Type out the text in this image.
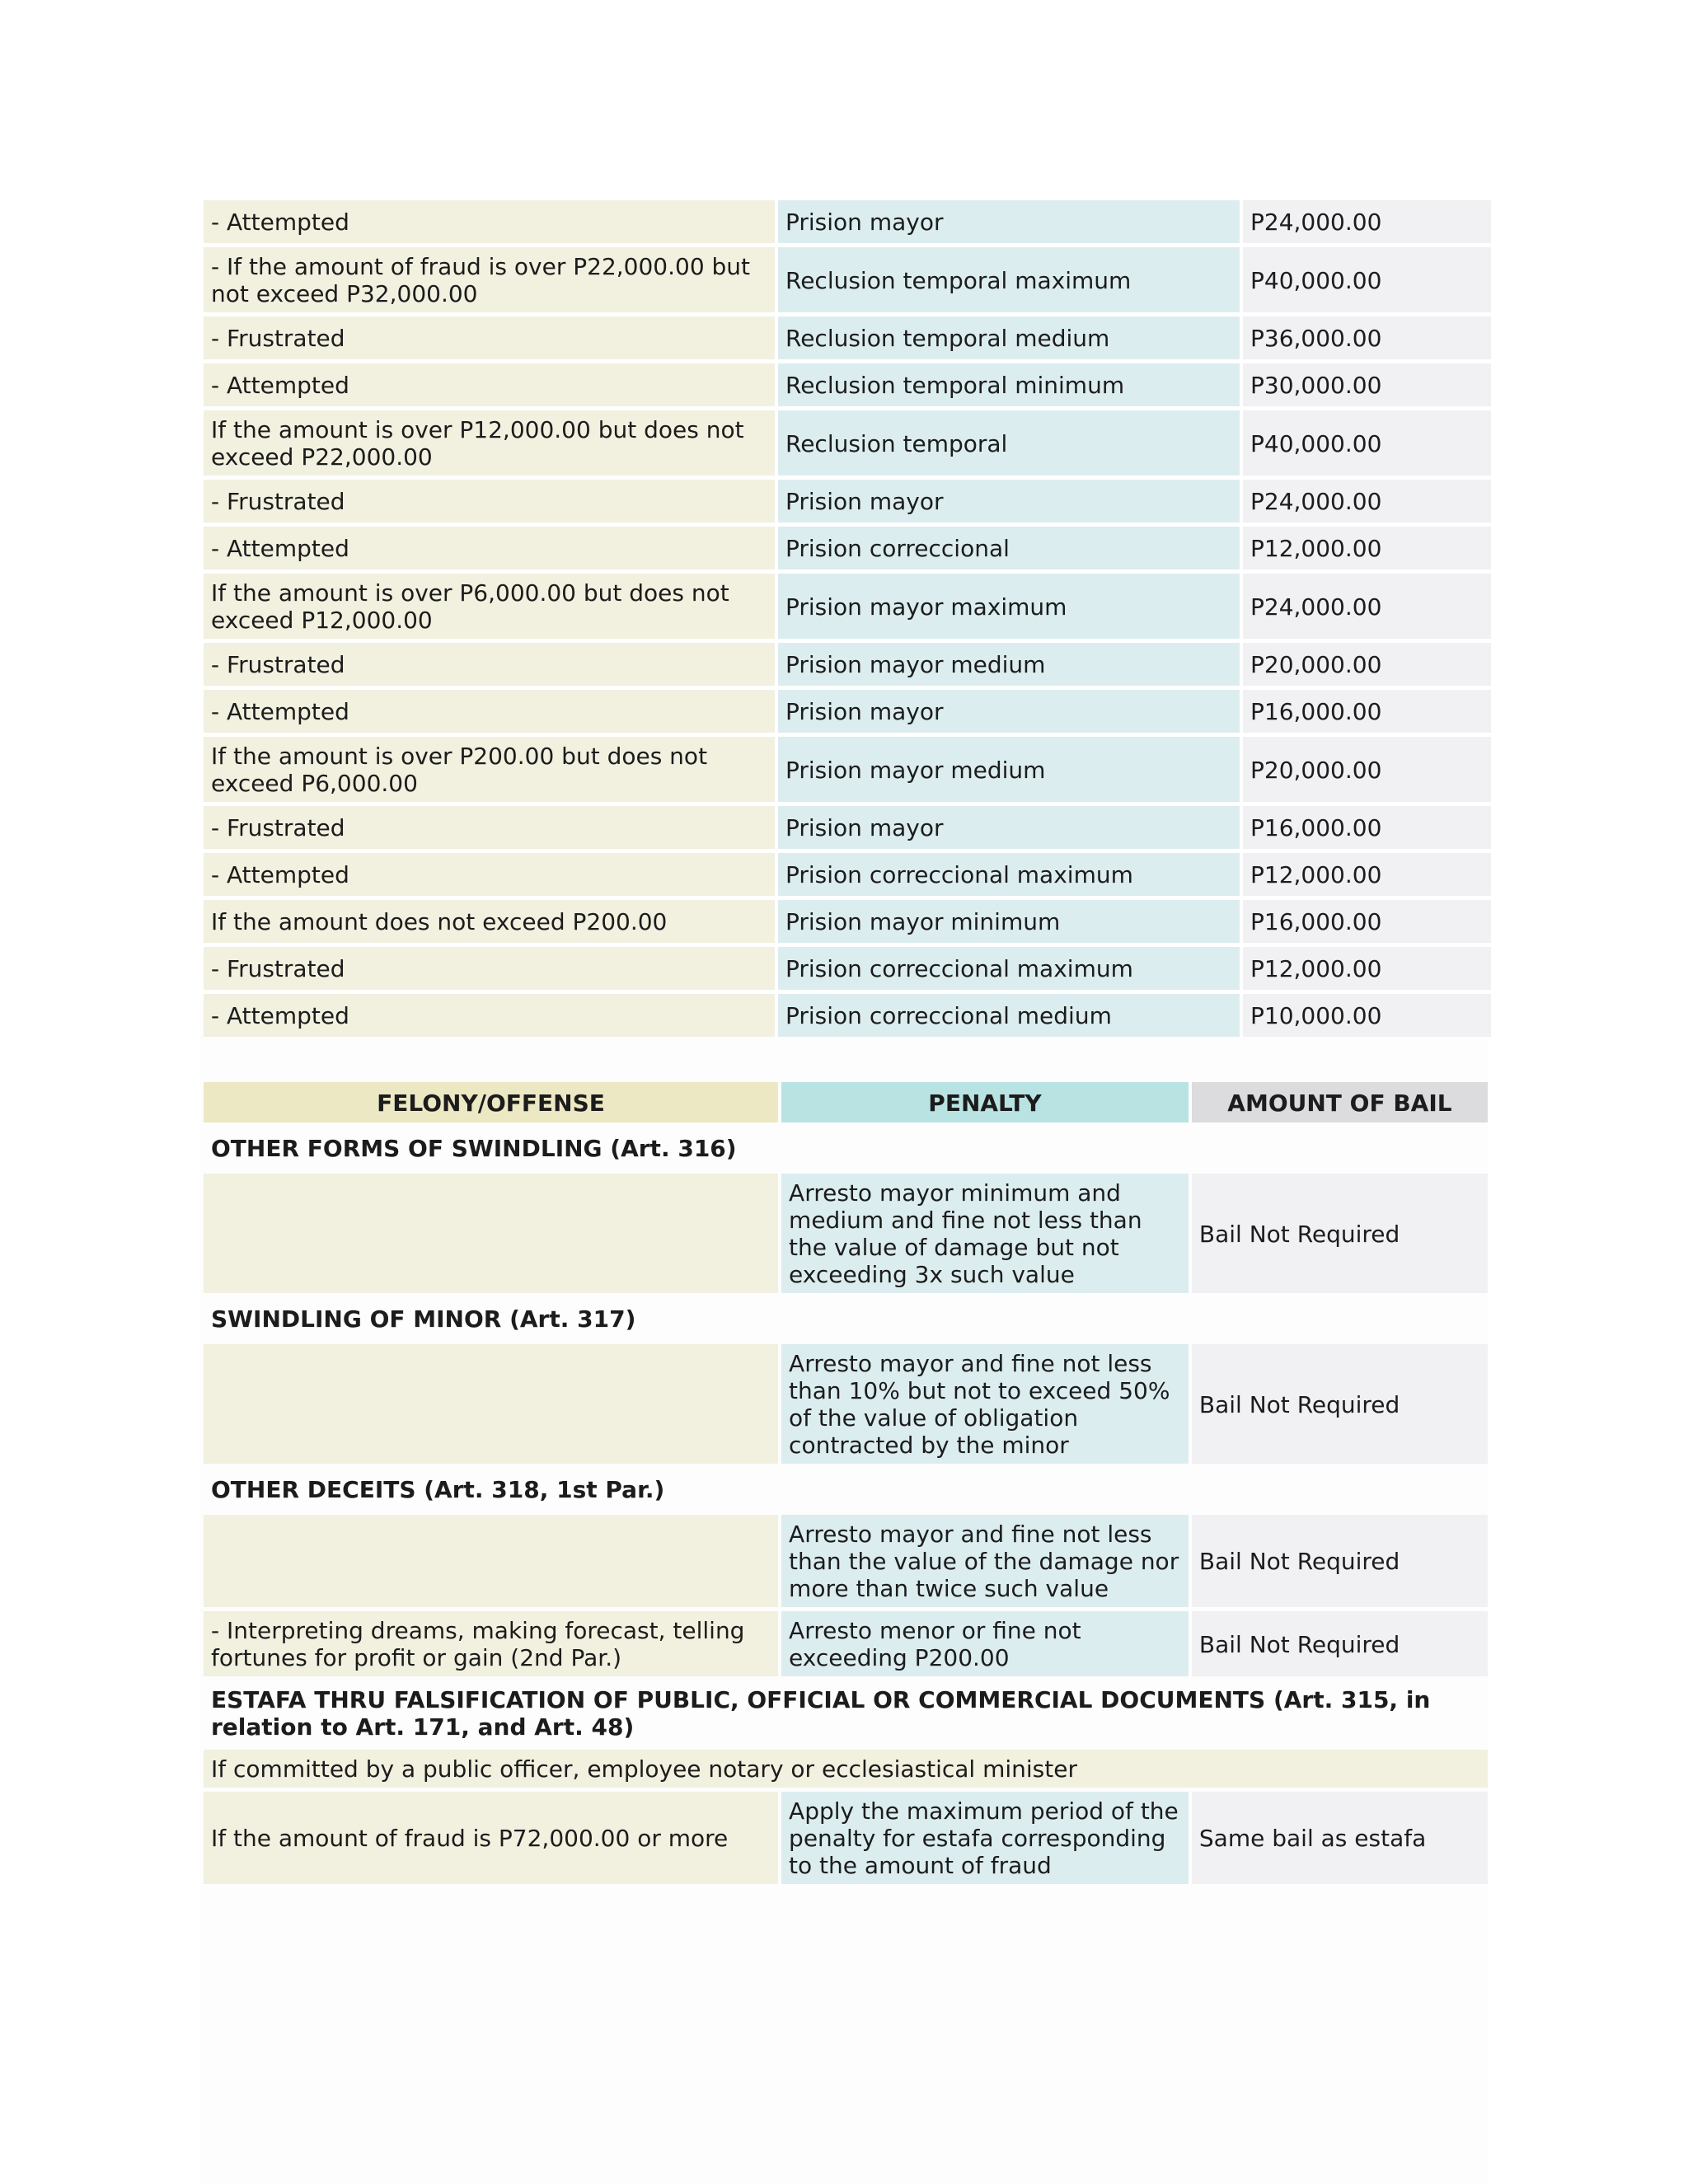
- Attempted	Prision mayor	P24,000.00
- If the amount of fraud is over P22,000.00 but not exceed P32,000.00	Reclusion temporal maximum	P40,000.00
- Frustrated	Reclusion temporal medium	P36,000.00
- Attempted	Reclusion temporal minimum	P30,000.00
If the amount is over P12,000.00 but does not exceed P22,000.00	Reclusion temporal	P40,000.00
- Frustrated	Prision mayor	P24,000.00
- Attempted	Prision correccional	P12,000.00
If the amount is over P6,000.00 but does not exceed P12,000.00	Prision mayor maximum	P24,000.00
- Frustrated	Prision mayor medium	P20,000.00
- Attempted	Prision mayor	P16,000.00
If the amount is over P200.00 but does not exceed P6,000.00	Prision mayor medium	P20,000.00
- Frustrated	Prision mayor	P16,000.00
- Attempted	Prision correccional maximum	P12,000.00
If the amount does not exceed P200.00	Prision mayor minimum	P16,000.00
- Frustrated	Prision correccional maximum	P12,000.00
- Attempted	Prision correccional medium	P10,000.00
FELONY/OFFENSE	PENALTY	AMOUNT OF BAIL
OTHER FORMS OF SWINDLING (Art. 316)		
	Arresto mayor minimum and medium and fine not less than the value of damage but not exceeding 3x such value	Bail Not Required
SWINDLING OF MINOR (Art. 317)		
	Arresto mayor and fine not less than 10% but not to exceed 50% of the value of obligation contracted by the minor	Bail Not Required
OTHER DECEITS (Art. 318, 1st Par.)		
	Arresto mayor and fine not less than the value of the damage nor more than twice such value	Bail Not Required
- Interpreting dreams, making forecast, telling fortunes for profit or gain (2nd Par.)	Arresto menor or fine not exceeding P200.00	Bail Not Required
ESTAFA THRU FALSIFICATION OF PUBLIC, OFFICIAL OR COMMERCIAL DOCUMENTS (Art. 315, in relation to Art. 171, and Art. 48)		
If committed by a public officer, employee notary or ecclesiastical minister		
If the amount of fraud is P72,000.00 or more	Apply the maximum period of the penalty for estafa corresponding to the amount of fraud	Same bail as estafa
